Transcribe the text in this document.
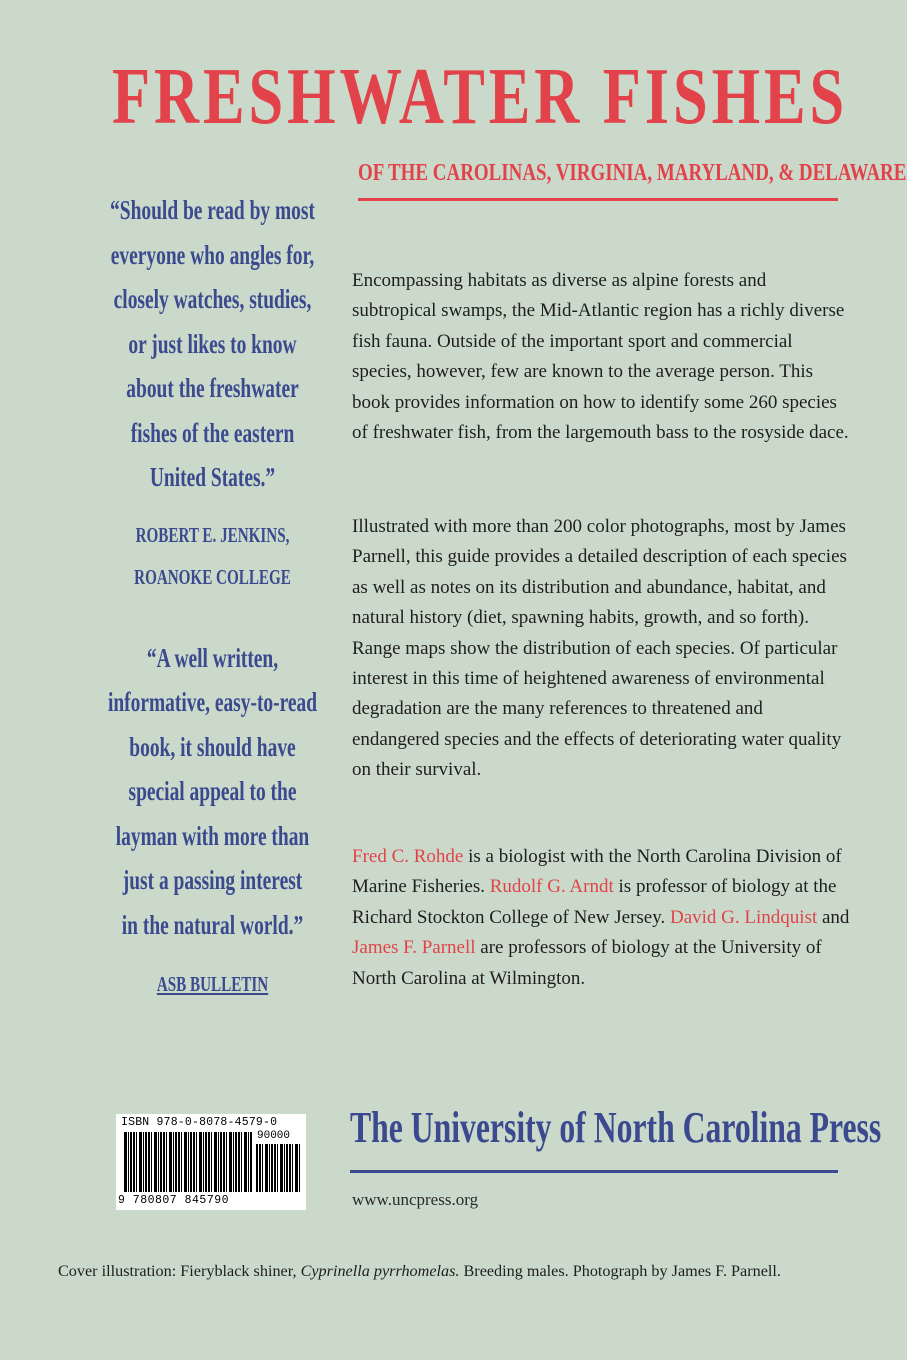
FRESHWATER FISHES
OF THE CAROLINAS, VIRGINIA, MARYLAND, & DELAWARE
“Should be read by most
everyone who angles for,
closely watches, studies,
or just likes to know
about the freshwater
fishes of the eastern
United States.”
ROBERT E. JENKINS,
ROANOKE COLLEGE
“A well written,
informative, easy-to-read
book, it should have
special appeal to the
layman with more than
just a passing interest
in the natural world.”
ASB BULLETIN

Encompassing habitats as diverse as alpine forests and subtropical swamps, the Mid-Atlantic region has a richly diverse fish fauna. Outside of the important sport and commercial species, however, few are known to the average person. This book provides information on how to identify some 260 species of freshwater fish, from the largemouth bass to the rosyside dace.

Illustrated with more than 200 color photographs, most by James Parnell, this guide provides a detailed description of each species as well as notes on its distribution and abundance, habitat, and natural history (diet, spawning habits, growth, and so forth). Range maps show the distribution of each species. Of particular interest in this time of heightened awareness of environmental degradation are the many references to threatened and endangered species and the effects of deteriorating water quality on their survival.

Fred C. Rohde is a biologist with the North Carolina Division of Marine Fisheries. Rudolf G. Arndt is professor of biology at the Richard Stockton College of New Jersey. David G. Lindquist and James F. Parnell are professors of biology at the University of North Carolina at Wilmington.

ISBN 978-0-8078-4579-0
90000
9 780807 845790
The University of North Carolina Press
www.uncpress.org
Cover illustration: Fieryblack shiner, Cyprinella pyrrhomelas. Breeding males. Photograph by James F. Parnell.
